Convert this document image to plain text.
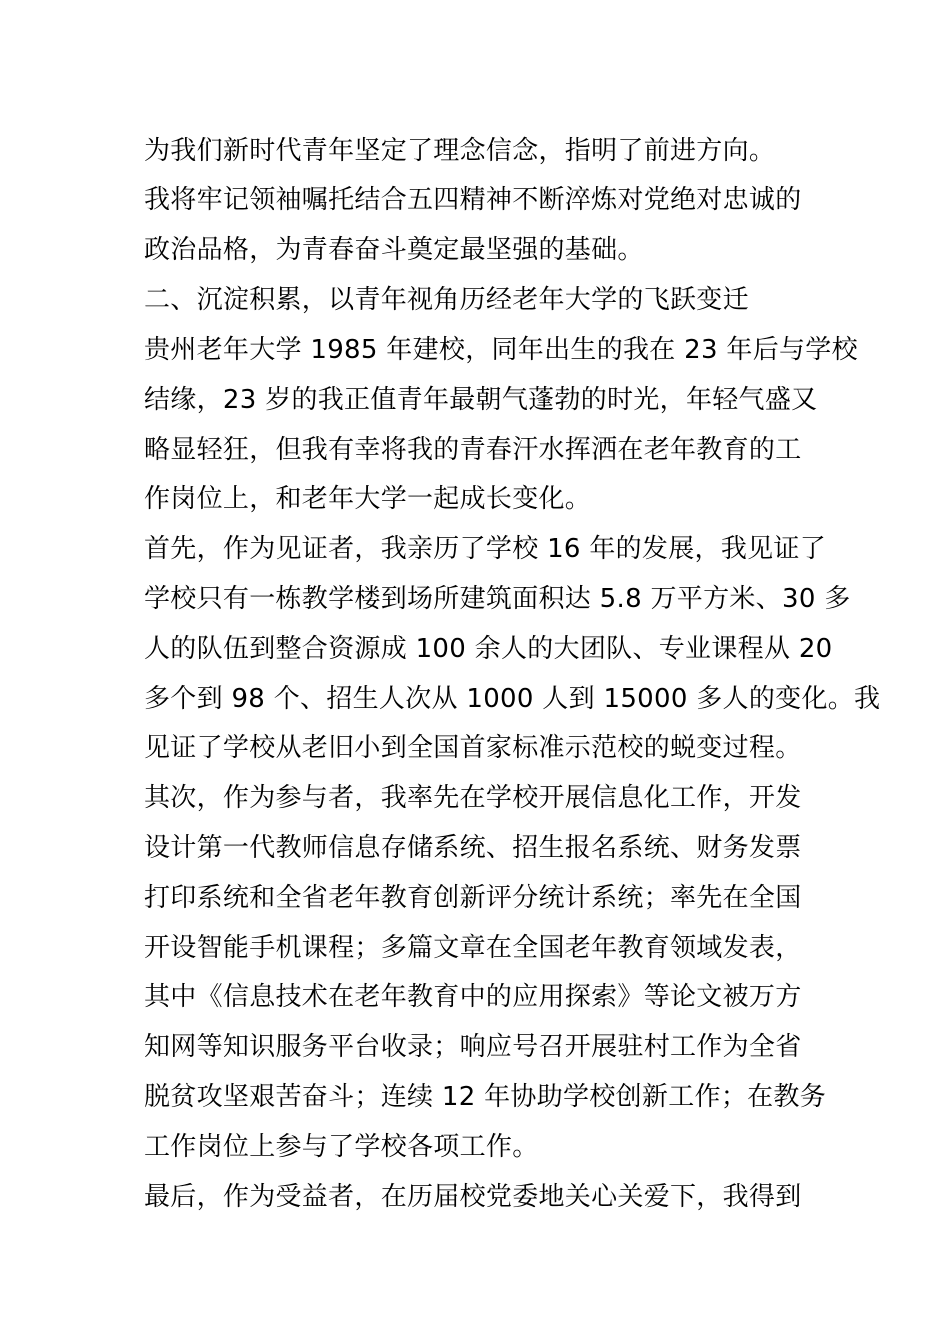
为我们新时代青年坚定了理念信念，指明了前进方向。
我将牢记领袖嘱托结合五四精神不断淬炼对党绝对忠诚的
政治品格，为青春奋斗奠定最坚强的基础。
二、沉淀积累，以青年视角历经老年大学的飞跃变迁
贵州老年大学 1985 年建校，同年出生的我在 23 年后与学校
结缘，23 岁的我正值青年最朝气蓬勃的时光，年轻气盛又
略显轻狂，但我有幸将我的青春汗水挥洒在老年教育的工
作岗位上，和老年大学一起成长变化。
首先，作为见证者，我亲历了学校 16 年的发展，我见证了
学校只有一栋教学楼到场所建筑面积达 5.8 万平方米、30 多
人的队伍到整合资源成 100 余人的大团队、专业课程从 20
多个到 98 个、招生人次从 1000 人到 15000 多人的变化。我
见证了学校从老旧小到全国首家标准示范校的蜕变过程。
其次，作为参与者，我率先在学校开展信息化工作，开发
设计第一代教师信息存储系统、招生报名系统、财务发票
打印系统和全省老年教育创新评分统计系统；率先在全国
开设智能手机课程；多篇文章在全国老年教育领域发表，
其中《信息技术在老年教育中的应用探索》等论文被万方
知网等知识服务平台收录；响应号召开展驻村工作为全省
脱贫攻坚艰苦奋斗；连续 12 年协助学校创新工作；在教务
工作岗位上参与了学校各项工作。
最后，作为受益者，在历届校党委地关心关爱下，我得到
